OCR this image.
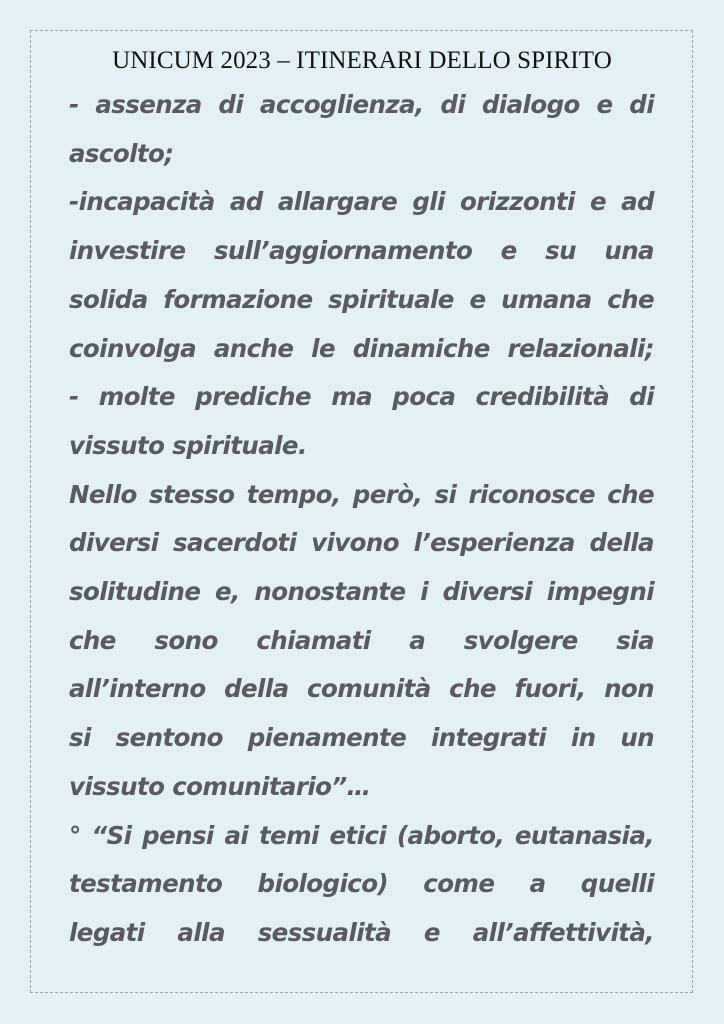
UNICUM 2023 – ITINERARI DELLO SPIRITO
- assenza di accoglienza, di dialogo e di
ascolto;
-incapacità ad allargare gli orizzonti e ad
investire sull’aggiornamento e su una
solida formazione spirituale e umana che
coinvolga anche le dinamiche relazionali;
- molte prediche ma poca credibilità di
vissuto spirituale.
Nello stesso tempo, però, si riconosce che
diversi sacerdoti vivono l’esperienza della
solitudine e, nonostante i diversi impegni
che sono chiamati a svolgere sia
all’interno della comunità che fuori, non
si sentono pienamente integrati in un
vissuto comunitario”…
° “Si pensi ai temi etici (aborto, eutanasia,
testamento biologico) come a quelli
legati alla sessualità e all’affettività,
